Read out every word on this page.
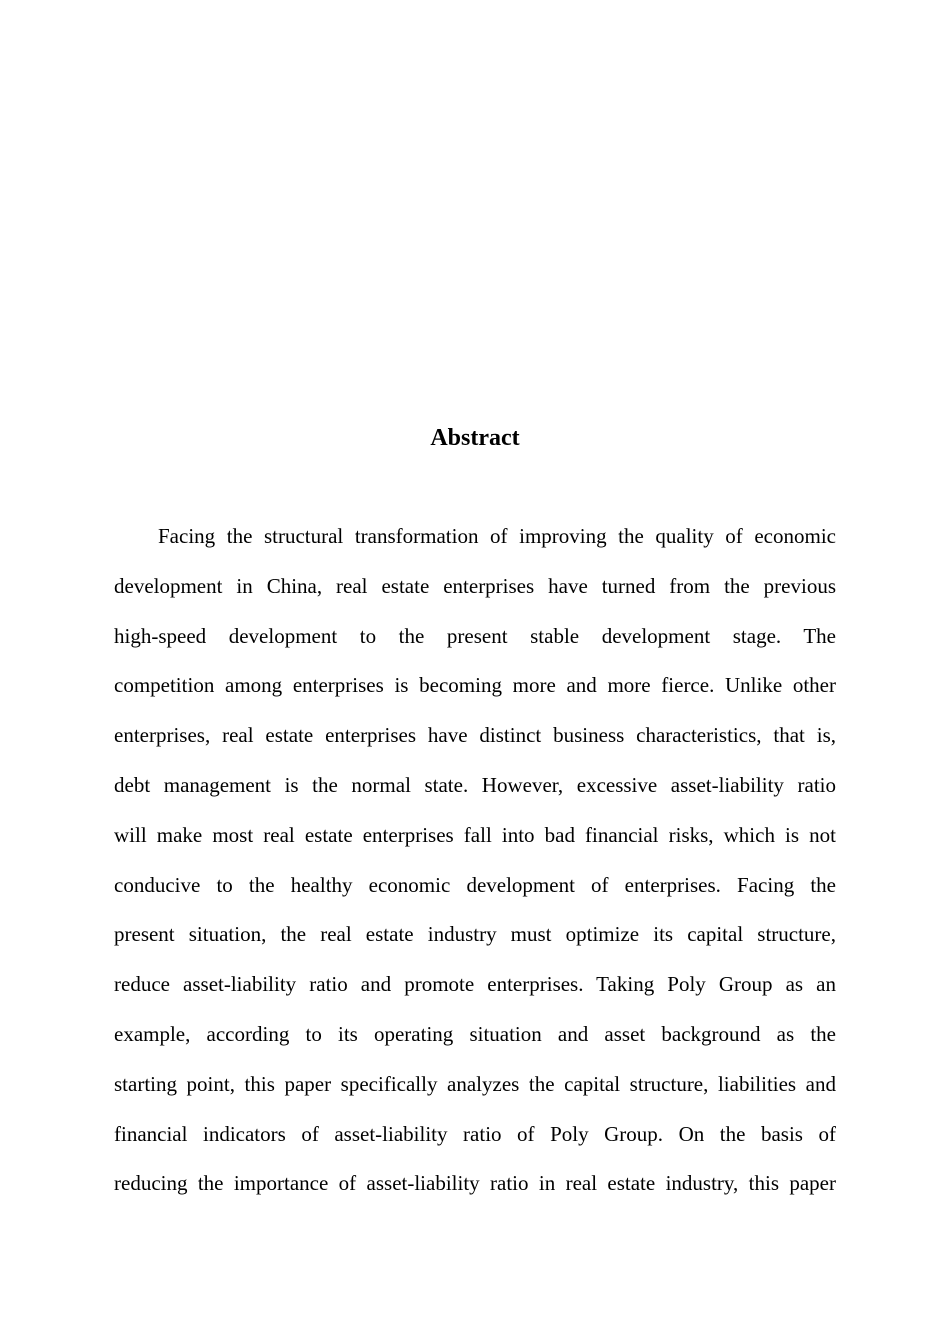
Abstract
Facing the structural transformation of improving the quality of economic
development in China, real estate enterprises have turned from the previous
high-speed development to the present stable development stage. The
competition among enterprises is becoming more and more fierce. Unlike other
enterprises, real estate enterprises have distinct business characteristics, that is,
debt management is the normal state. However, excessive asset-liability ratio
will make most real estate enterprises fall into bad financial risks, which is not
conducive to the healthy economic development of enterprises. Facing the
present situation, the real estate industry must optimize its capital structure,
reduce asset-liability ratio and promote enterprises. Taking Poly Group as an
example, according to its operating situation and asset background as the
starting point, this paper specifically analyzes the capital structure, liabilities and
financial indicators of asset-liability ratio of Poly Group. On the basis of
reducing the importance of asset-liability ratio in real estate industry, this paper
